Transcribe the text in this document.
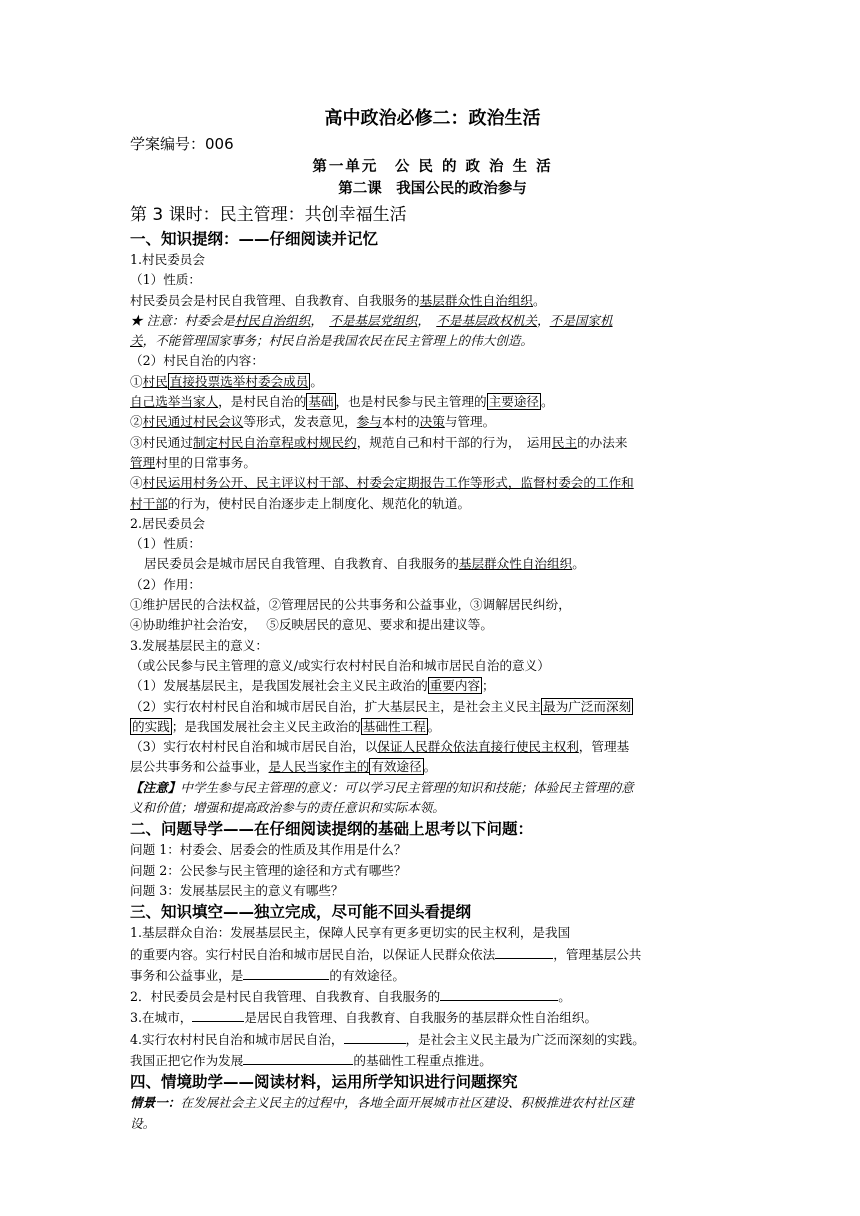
高中政治必修二：政治生活
学案编号：006
第一单元　公 民 的 政 治 生 活
第二课　我国公民的政治参与
第 3 课时：民主管理：共创幸福生活
一、知识提纲：——仔细阅读并记忆
1.村民委员会
（1）性质：
村民委员会是村民自我管理、自我教育、自我服务的基层群众性自治组织。
★ 注意：村委会是村民自治组织，　不是基层党组织，　不是基层政权机关，不是国家机
关，不能管理国家事务；村民自治是我国农民在民主管理上的伟大创造。
（2）村民自治的内容：
①村民 直接投票选举村委会成员 。
自己选举当家人，是村民自治的 基础 ，也是村民参与民主管理的 主要途径 。
②村民通过村民会议等形式，发表意见，参与本村的决策与管理。
③村民通过制定村民自治章程或村规民约，规范自己和村干部的行为，　运用民主的办法来
管理村里的日常事务。
④村民运用村务公开、民主评议村干部、村委会定期报告工作等形式，监督村委会的工作和
村干部的行为，使村民自治逐步走上制度化、规范化的轨道。
2.居民委员会
（1）性质：
居民委员会是城市居民自我管理、自我教育、自我服务的基层群众性自治组织。
（2）作用：
①维护居民的合法权益，②管理居民的公共事务和公益事业，③调解居民纠纷，
④协助维护社会治安，　 ⑤反映居民的意见、要求和提出建议等。
3.发展基层民主的意义：
（或公民参与民主管理的意义/或实行农村村民自治和城市居民自治的意义）
（1）发展基层民主，是我国发展社会主义民主政治的 重要内容 ；
（2）实行农村村民自治和城市居民自治，扩大基层民主，是社会主义民主 最为广泛而深刻
的实践 ；是我国发展社会主义民主政治的 基础性工程 。
（3）实行农村村民自治和城市居民自治，以保证人民群众依法直接行使民主权利，管理基
层公共事务和公益事业，是人民当家作主的 有效途径 。
【注意】中学生参与民主管理的意义：可以学习民主管理的知识和技能；体验民主管理的意
义和价值；增强和提高政治参与的责任意识和实际本领。
二、问题导学——在仔细阅读提纲的基础上思考以下问题：
问题 1：村委会、居委会的性质及其作用是什么？
问题 2：公民参与民主管理的途径和方式有哪些？
问题 3：发展基层民主的意义有哪些？
三、知识填空——独立完成，尽可能不回头看提纲
1.基层群众自治：发展基层民主，保障人民享有更多更切实的民主权利，是我国
的重要内容。实行村民自治和城市居民自治，以保证人民群众依法	，管理基层公共
事务和公益事业，是	的有效途径。
2．村民委员会是村民自我管理、自我教育、自我服务的	。
3.在城市，	是居民自我管理、自我教育、自我服务的基层群众性自治组织。
4.实行农村村民自治和城市居民自治，	，是社会主义民主最为广泛而深刻的实践。
我国正把它作为发展	的基础性工程重点推进。
四、情境助学——阅读材料，运用所学知识进行问题探究
情景一：在发展社会主义民主的过程中，各地全面开展城市社区建设、积极推进农村社区建
设。
